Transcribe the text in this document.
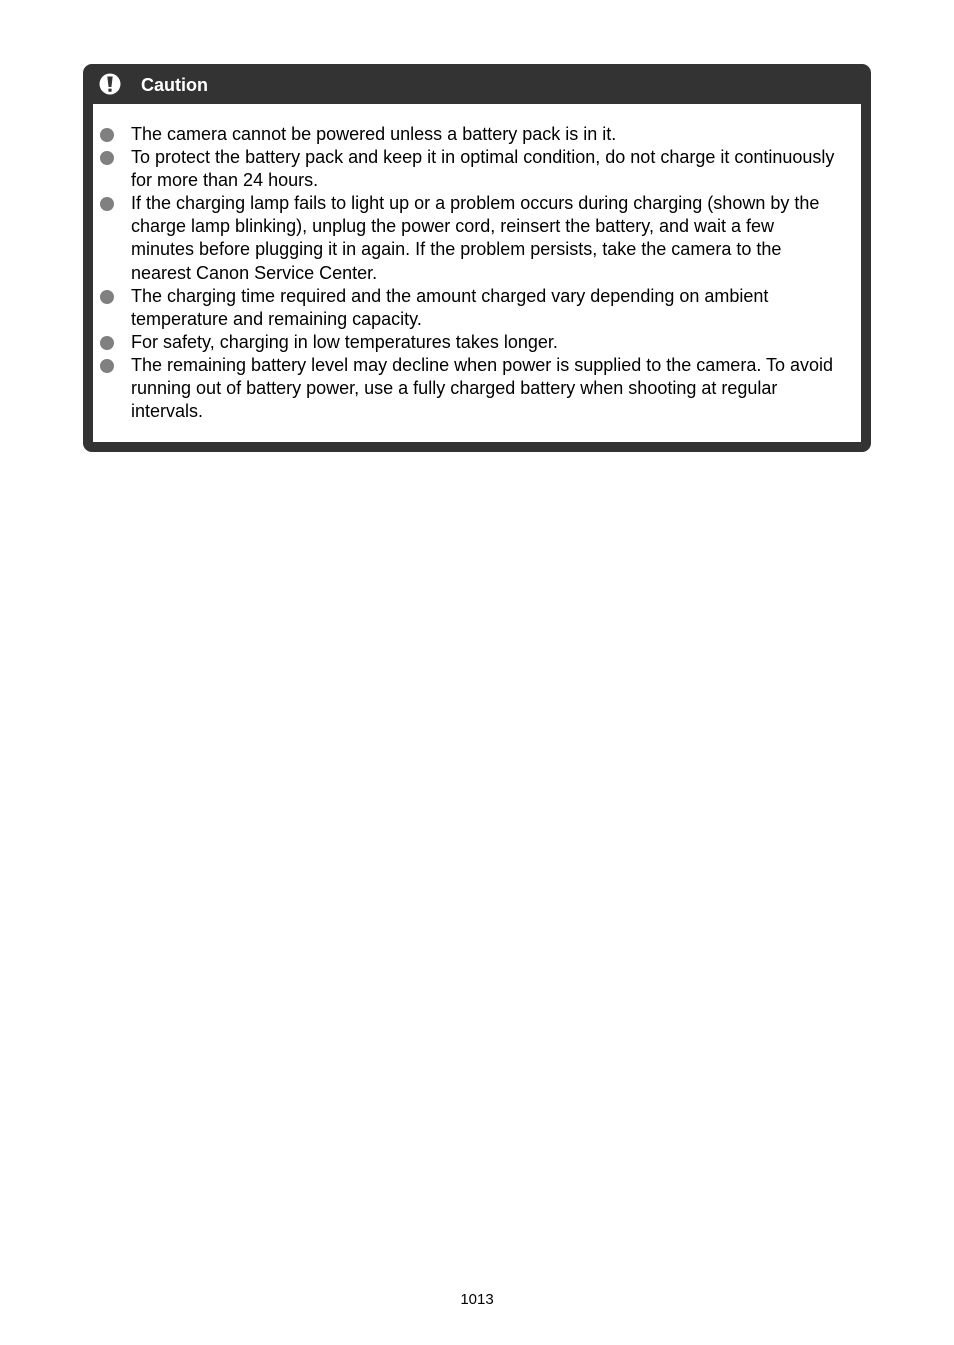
Caution
The camera cannot be powered unless a battery pack is in it.
To protect the battery pack and keep it in optimal condition, do not charge it continuously for more than 24 hours.
If the charging lamp fails to light up or a problem occurs during charging (shown by the charge lamp blinking), unplug the power cord, reinsert the battery, and wait a few minutes before plugging it in again. If the problem persists, take the camera to the nearest Canon Service Center.
The charging time required and the amount charged vary depending on ambient temperature and remaining capacity.
For safety, charging in low temperatures takes longer.
The remaining battery level may decline when power is supplied to the camera. To avoid running out of battery power, use a fully charged battery when shooting at regular intervals.
1013
